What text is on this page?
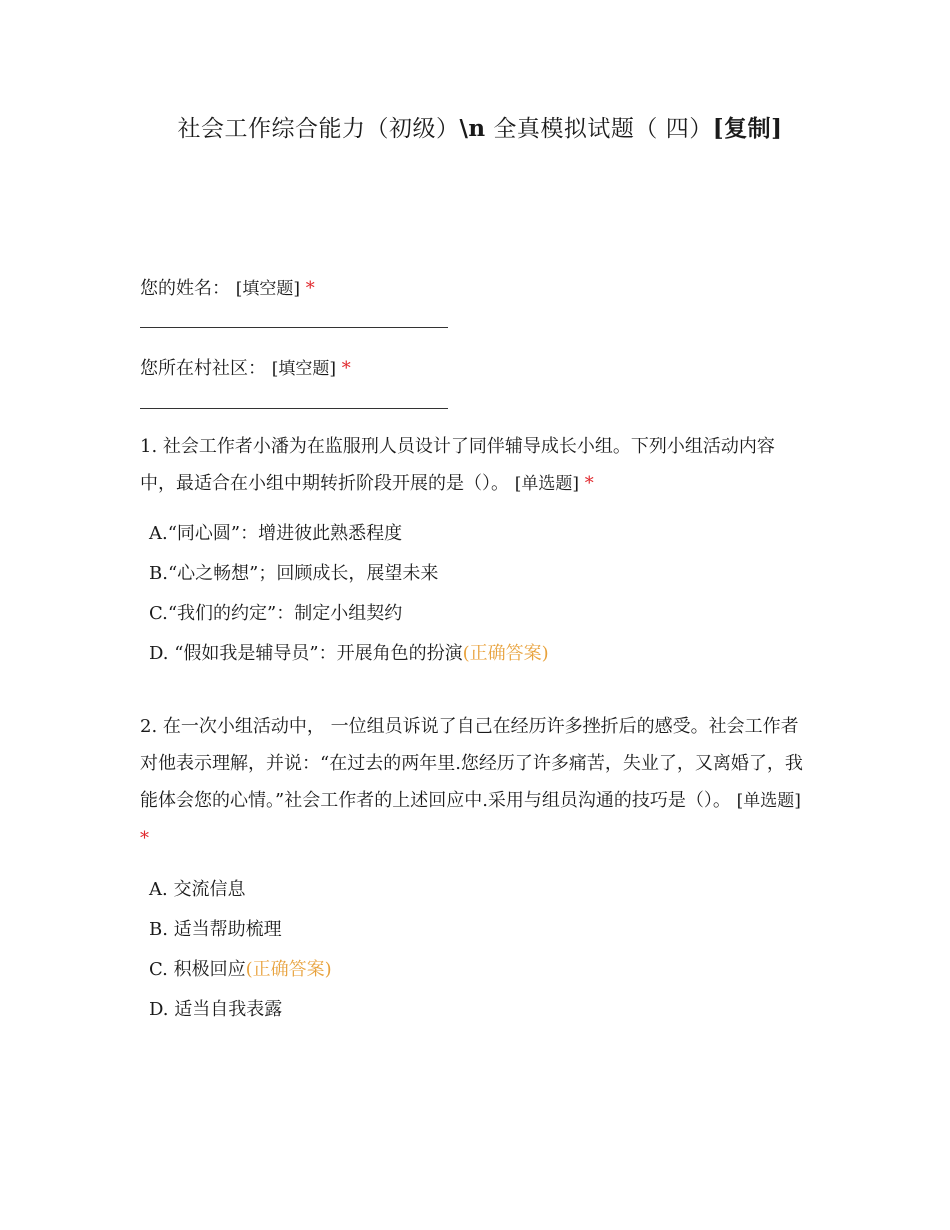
社会工作综合能力（初级）\n 全真模拟试题（ 四）[复制]
您的姓名： [填空题] *
您所在村社区： [填空题] *
1. 社会工作者小潘为在监服刑人员设计了同伴辅导成长小组。下列小组活动内容中，最适合在小组中期转折阶段开展的是（）。 [单选题] *
A.“同心圆”：增进彼此熟悉程度
B.“心之畅想”；回顾成长，展望未来
C.“我们的约定”：制定小组契约
D. “假如我是辅导员”：开展角色的扮演(正确答案)
2. 在一次小组活动中， 一位组员诉说了自己在经历许多挫折后的感受。社会工作者对他表示理解，并说：“在过去的两年里.您经历了许多痛苦，失业了，又离婚了，我能体会您的心情。”社会工作者的上述回应中.采用与组员沟通的技巧是（）。 [单选题] *
A. 交流信息
B. 适当帮助梳理
C. 积极回应(正确答案)
D. 适当自我表露
